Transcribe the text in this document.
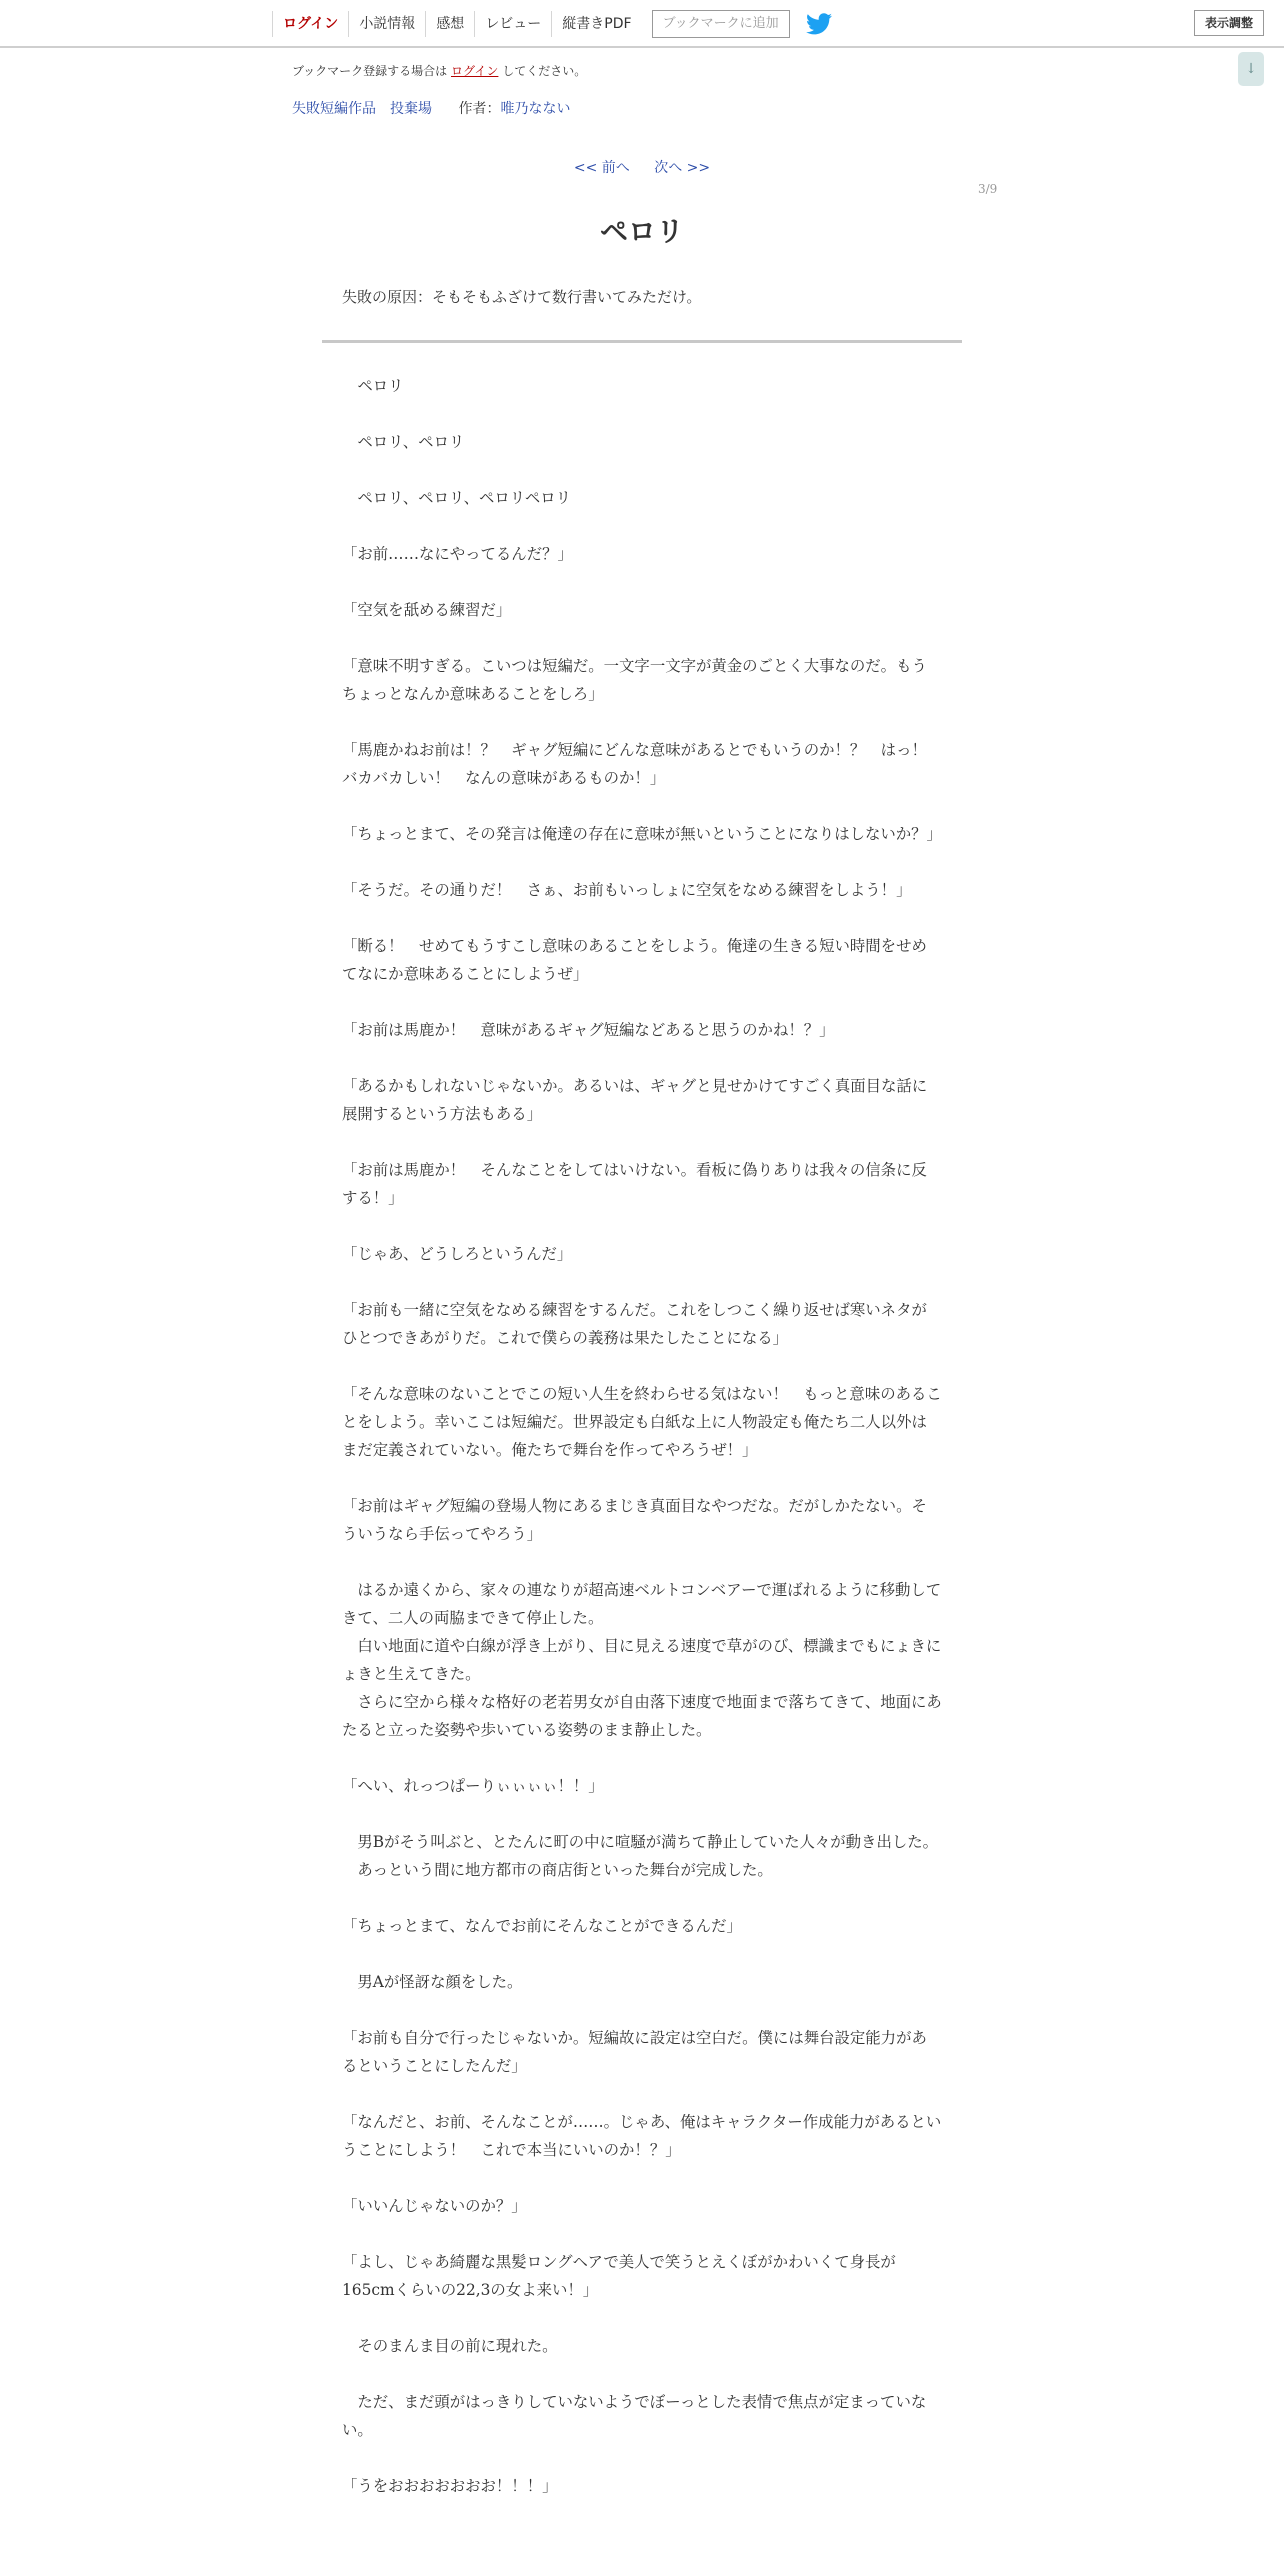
ログイン	小説情報	感想	レビュー	縦書きPDF	ブックマークに追加	表示調整
↓
ブックマーク登録する場合は ログイン してください。
失敗短編作品　投棄場 作者：唯乃なない
<< 前へ 次へ >>
3/9
ペロリ
失敗の原因：そもそもふざけて数行書いてみただけ。

　ペロリ

　ペロリ、ペロリ

　ペロリ、ペロリ、ペロリペロリ

「お前……なにやってるんだ？」

「空気を舐める練習だ」

「意味不明すぎる。こいつは短編だ。一文字一文字が黄金のごとく大事なのだ。もうちょっとなんか意味あることをしろ」

「馬鹿かねお前は！？　ギャグ短編にどんな意味があるとでもいうのか！？　はっ！　バカバカしい！　なんの意味があるものか！」

「ちょっとまて、その発言は俺達の存在に意味が無いということになりはしないか？」

「そうだ。その通りだ！　さぁ、お前もいっしょに空気をなめる練習をしよう！」

「断る！　せめてもうすこし意味のあることをしよう。俺達の生きる短い時間をせめてなにか意味あることにしようぜ」

「お前は馬鹿か！　意味があるギャグ短編などあると思うのかね！？」

「あるかもしれないじゃないか。あるいは、ギャグと見せかけてすごく真面目な話に展開するという方法もある」

「お前は馬鹿か！　そんなことをしてはいけない。看板に偽りありは我々の信条に反する！」

「じゃあ、どうしろというんだ」

「お前も一緒に空気をなめる練習をするんだ。これをしつこく繰り返せば寒いネタがひとつできあがりだ。これで僕らの義務は果たしたことになる」

「そんな意味のないことでこの短い人生を終わらせる気はない！　もっと意味のあることをしよう。幸いここは短編だ。世界設定も白紙な上に人物設定も俺たち二人以外はまだ定義されていない。俺たちで舞台を作ってやろうぜ！」

「お前はギャグ短編の登場人物にあるまじき真面目なやつだな。だがしかたない。そういうなら手伝ってやろう」

　はるか遠くから、家々の連なりが超高速ベルトコンベアーで運ばれるように移動してきて、二人の両脇まできて停止した。

　白い地面に道や白線が浮き上がり、目に見える速度で草がのび、標識までもにょきにょきと生えてきた。

　さらに空から様々な格好の老若男女が自由落下速度で地面まで落ちてきて、地面にあたると立った姿勢や歩いている姿勢のまま静止した。

「へい、れっつぱーりぃぃぃぃ！！」

　男Bがそう叫ぶと、とたんに町の中に喧騒が満ちて静止していた人々が動き出した。

　あっという間に地方都市の商店街といった舞台が完成した。

「ちょっとまて、なんでお前にそんなことができるんだ」

　男Aが怪訝な顔をした。

「お前も自分で行ったじゃないか。短編故に設定は空白だ。僕には舞台設定能力があるということにしたんだ」

「なんだと、お前、そんなことが……。じゃあ、俺はキャラクター作成能力があるということにしよう！　これで本当にいいのか！？」

「いいんじゃないのか？」

「よし、じゃあ綺麗な黒髪ロングヘアで美人で笑うとえくぼがかわいくて身長が165cmくらいの22,3の女よ来い！」

　そのまんま目の前に現れた。

　ただ、まだ頭がはっきりしていないようでぼーっとした表情で焦点が定まっていない。

「うをおおおおおおお！！！」
